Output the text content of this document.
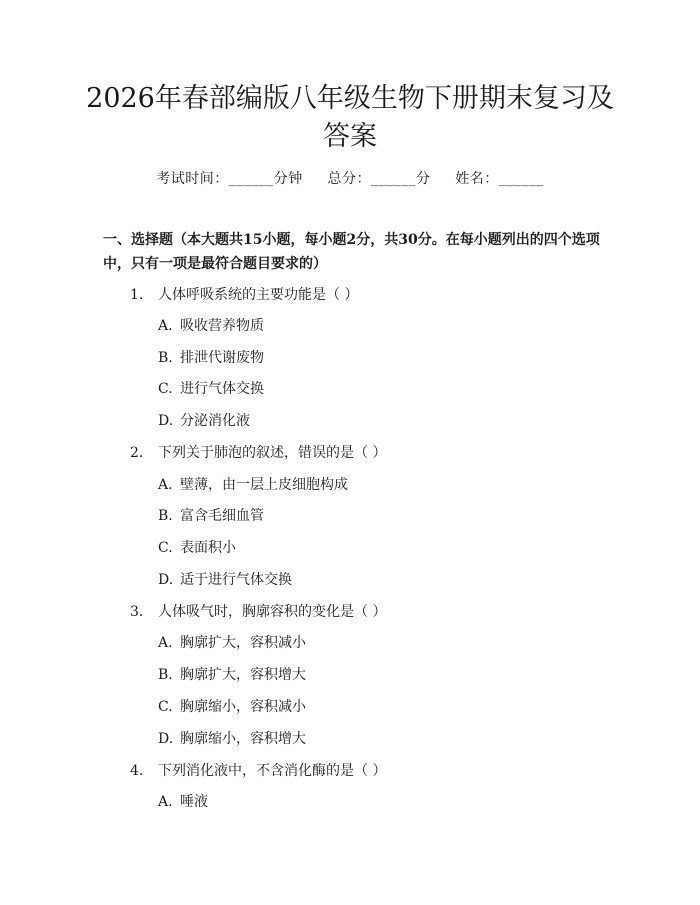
2026年春部编版八年级生物下册期末复习及
答案
考试时间：______分钟     总分：______分     姓名：______
一、选择题（本大题共15小题，每小题2分，共30分。在每小题列出的四个选项中，只有一项是最符合题目要求的）
1. 人体呼吸系统的主要功能是（ ）
A. 吸收营养物质
B. 排泄代谢废物
C. 进行气体交换
D. 分泌消化液
2. 下列关于肺泡的叙述，错误的是（ ）
A. 壁薄，由一层上皮细胞构成
B. 富含毛细血管
C. 表面积小
D. 适于进行气体交换
3. 人体吸气时，胸廓容积的变化是（ ）
A. 胸廓扩大，容积减小
B. 胸廓扩大，容积增大
C. 胸廓缩小，容积减小
D. 胸廓缩小，容积增大
4. 下列消化液中，不含消化酶的是（ ）
A. 唾液
